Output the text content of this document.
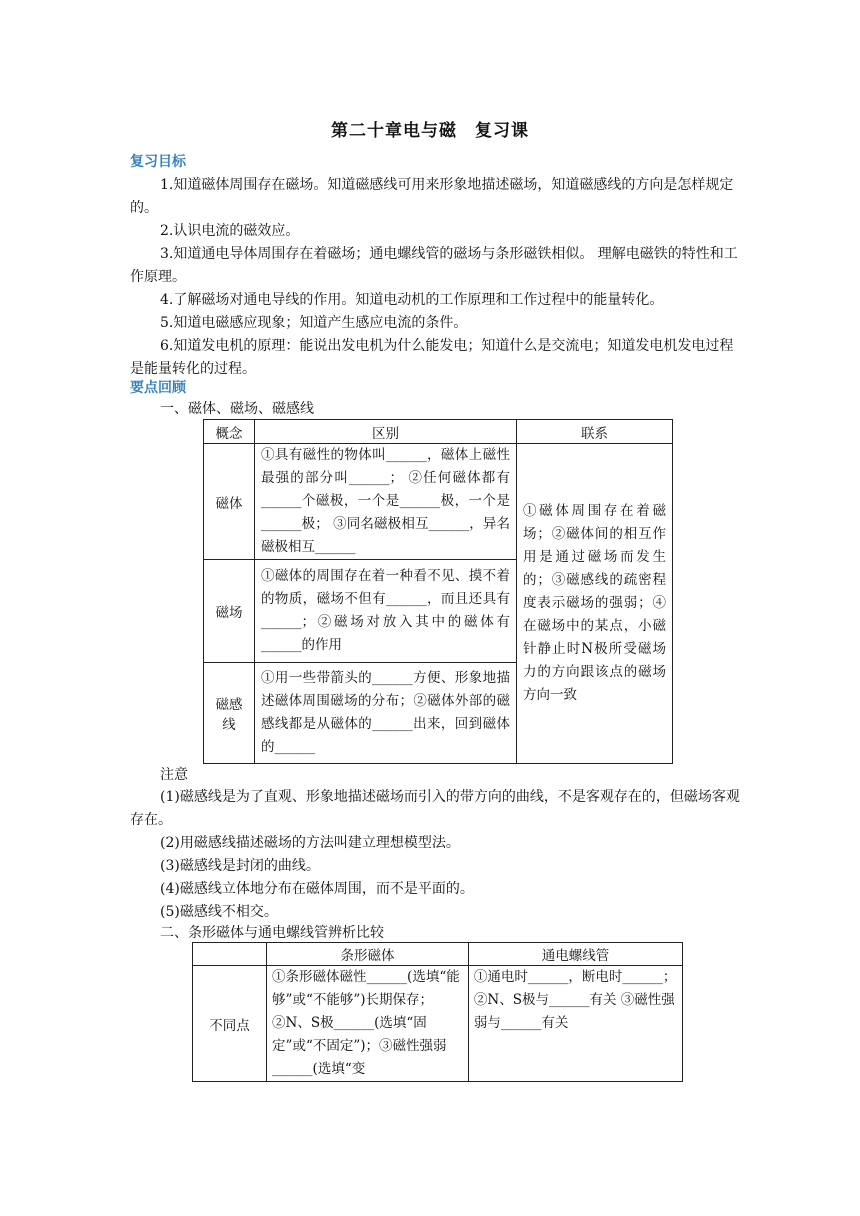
第二十章电与磁　复习课
复习目标
1.知道磁体周围存在磁场。知道磁感线可用来形象地描述磁场，知道磁感线的方向是怎样规定的。
2.认识电流的磁效应。
3.知道通电导体周围存在着磁场；通电螺线管的磁场与条形磁铁相似。 理解电磁铁的特性和工作原理。
4.了解磁场对通电导线的作用。知道电动机的工作原理和工作过程中的能量转化。
5.知道电磁感应现象；知道产生感应电流的条件。
6.知道发电机的原理：能说出发电机为什么能发电；知道什么是交流电；知道发电机发电过程是能量转化的过程。
要点回顾
一、磁体、磁场、磁感线
概念	区别	联系
磁体	①具有磁性的物体叫______，磁体上磁性最强的部分叫______； ②任何磁体都有______个磁极，一个是______极，一个是______极； ③同名磁极相互______，异名磁极相互______	①磁体周围存在着磁场；②磁体间的相互作用是通过磁场而发生的；③磁感线的疏密程度表示磁场的强弱；④在磁场中的某点，小磁针静止时N极所受磁场力的方向跟该点的磁场方向一致
磁场	①磁体的周围存在着一种看不见、摸不着的物质，磁场不但有______，而且还具有______；②磁场对放入其中的磁体有______的作用	
磁感线	①用一些带箭头的______方便、形象地描述磁体周围磁场的分布；②磁体外部的磁感线都是从磁体的______出来，回到磁体的______	
注意
(1)磁感线是为了直观、形象地描述磁场而引入的带方向的曲线，不是客观存在的，但磁场客观存在。
(2)用磁感线描述磁场的方法叫建立理想模型法。
(3)磁感线是封闭的曲线。
(4)磁感线立体地分布在磁体周围，而不是平面的。
(5)磁感线不相交。
二、条形磁体与通电螺线管辨析比较
	条形磁体	通电螺线管
不同点	①条形磁体磁性______(选填“能够”或“不能够”)长期保存；②N、S极______(选填“固定”或“不固定”)；③磁性强弱______(选填“变	①通电时______，断电时______；②N、S极与______有关 ③磁性强弱与______有关
